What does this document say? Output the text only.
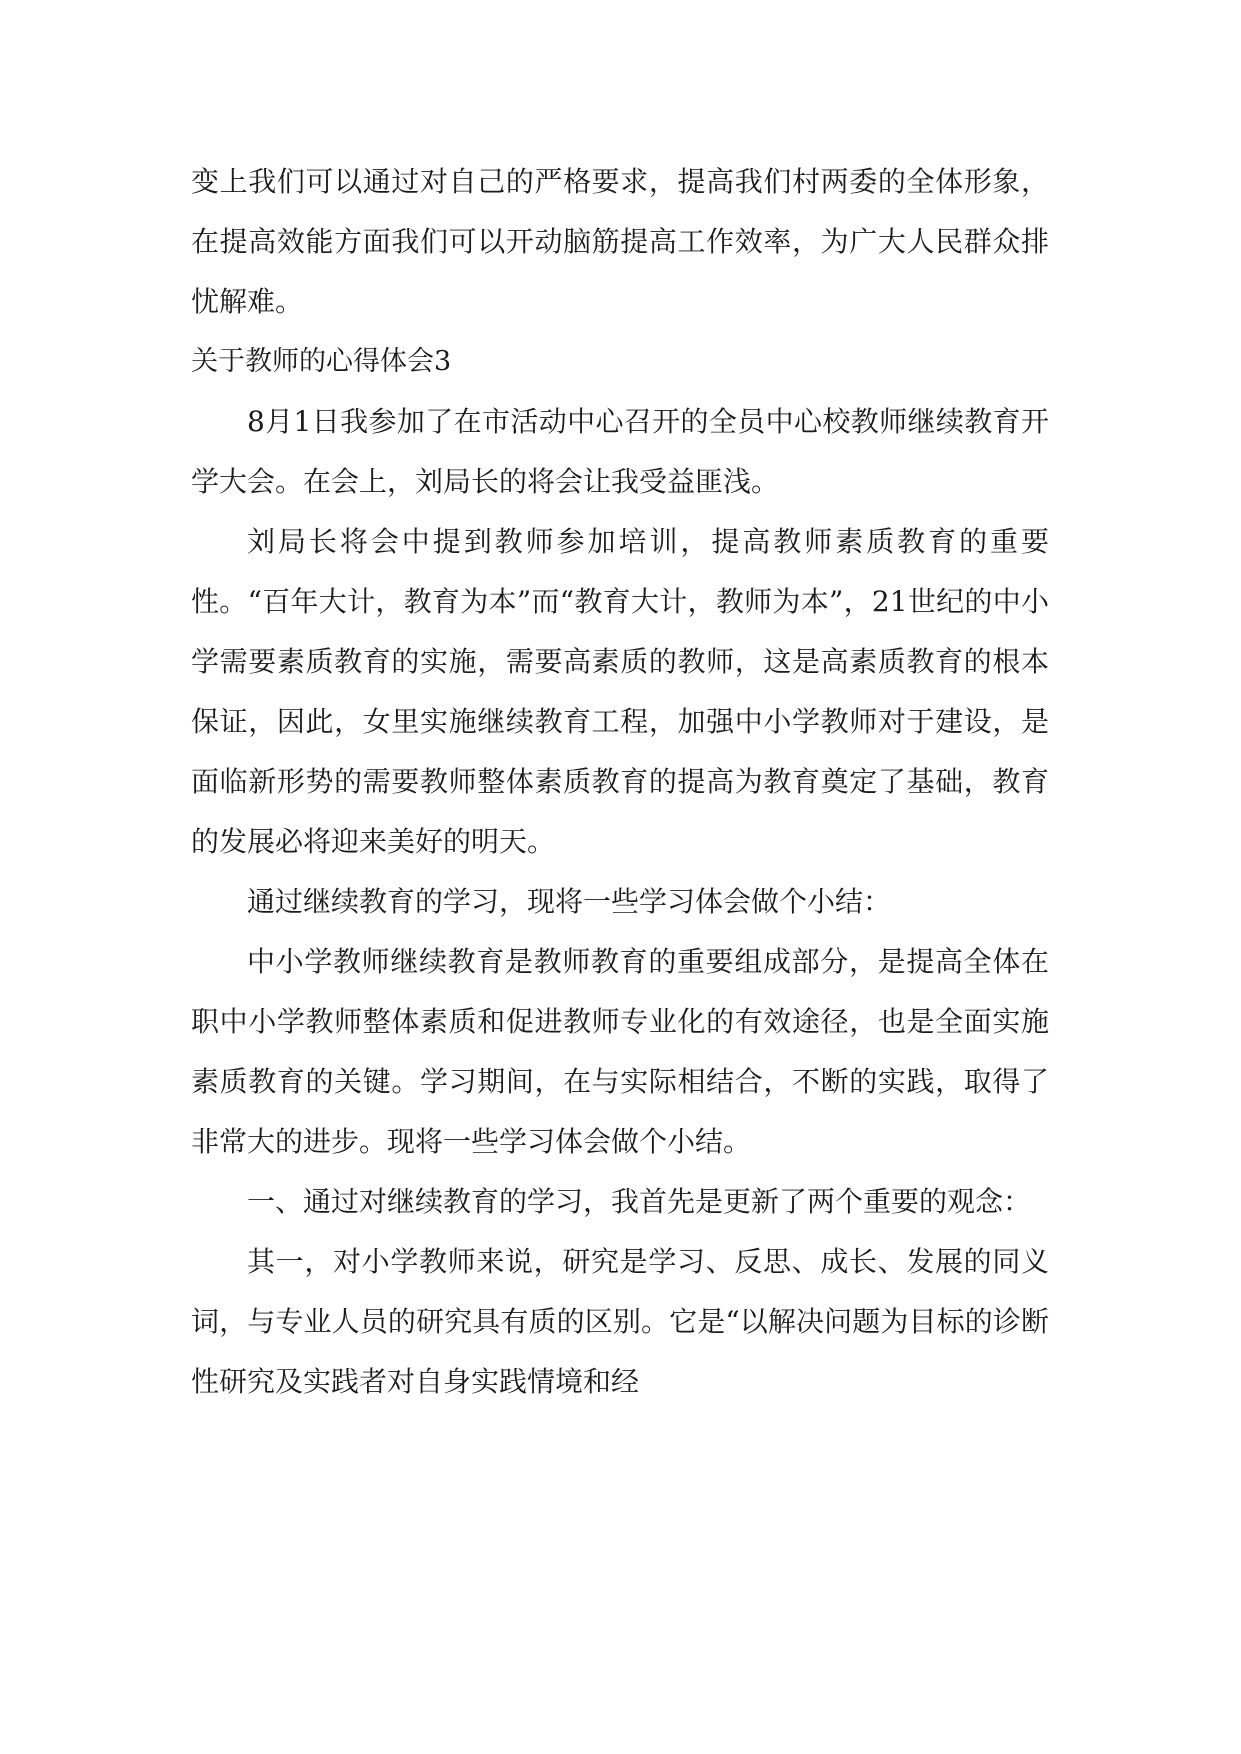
变上我们可以通过对自己的严格要求，提高我们村两委的全体形象，在提高效能方面我们可以开动脑筋提高工作效率，为广大人民群众排忧解难。

关于教师的心得体会3

8月1日我参加了在市活动中心召开的全员中心校教师继续教育开学大会。在会上，刘局长的将会让我受益匪浅。

刘局长将会中提到教师参加培训，提高教师素质教育的重要性。“百年大计，教育为本”而“教育大计，教师为本”，21世纪的中小学需要素质教育的实施，需要高素质的教师，这是高素质教育的根本保证，因此，女里实施继续教育工程，加强中小学教师对于建设，是面临新形势的需要教师整体素质教育的提高为教育奠定了基础，教育的发展必将迎来美好的明天。

通过继续教育的学习，现将一些学习体会做个小结：

中小学教师继续教育是教师教育的重要组成部分，是提高全体在职中小学教师整体素质和促进教师专业化的有效途径，也是全面实施素质教育的关键。学习期间，在与实际相结合，不断的实践，取得了非常大的进步。现将一些学习体会做个小结。

一、通过对继续教育的学习，我首先是更新了两个重要的观念：

其一，对小学教师来说，研究是学习、反思、成长、发展的同义词，与专业人员的研究具有质的区别。它是“以解决问题为目标的诊断性研究及实践者对自身实践情境和经
